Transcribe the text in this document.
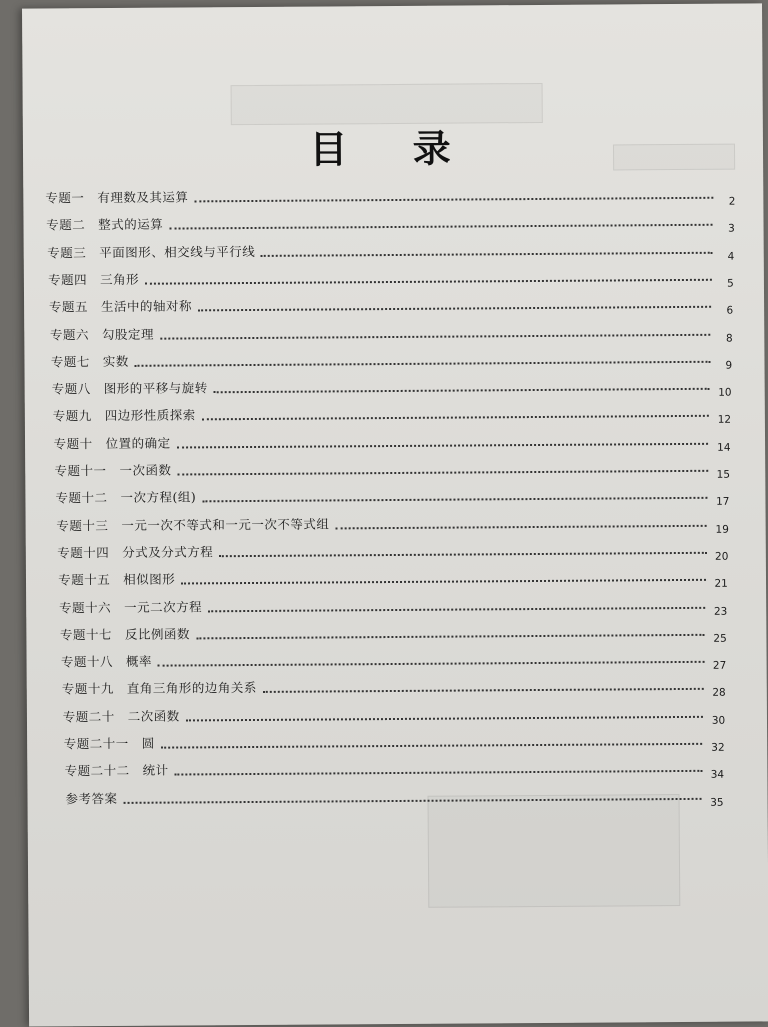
目 录
专题一　有理数及其运算	2
专题二　整式的运算	3
专题三　平面图形、相交线与平行线	4
专题四　三角形	5
专题五　生活中的轴对称	6
专题六　勾股定理	8
专题七　实数	9
专题八　图形的平移与旋转	10
专题九　四边形性质探索	12
专题十　位置的确定	14
专题十一　一次函数	15
专题十二　一次方程(组)	17
专题十三　一元一次不等式和一元一次不等式组	19
专题十四　分式及分式方程	20
专题十五　相似图形	21
专题十六　一元二次方程	23
专题十七　反比例函数	25
专题十八　概率	27
专题十九　直角三角形的边角关系	28
专题二十　二次函数	30
专题二十一　圆	32
专题二十二　统计	34
参考答案	35
